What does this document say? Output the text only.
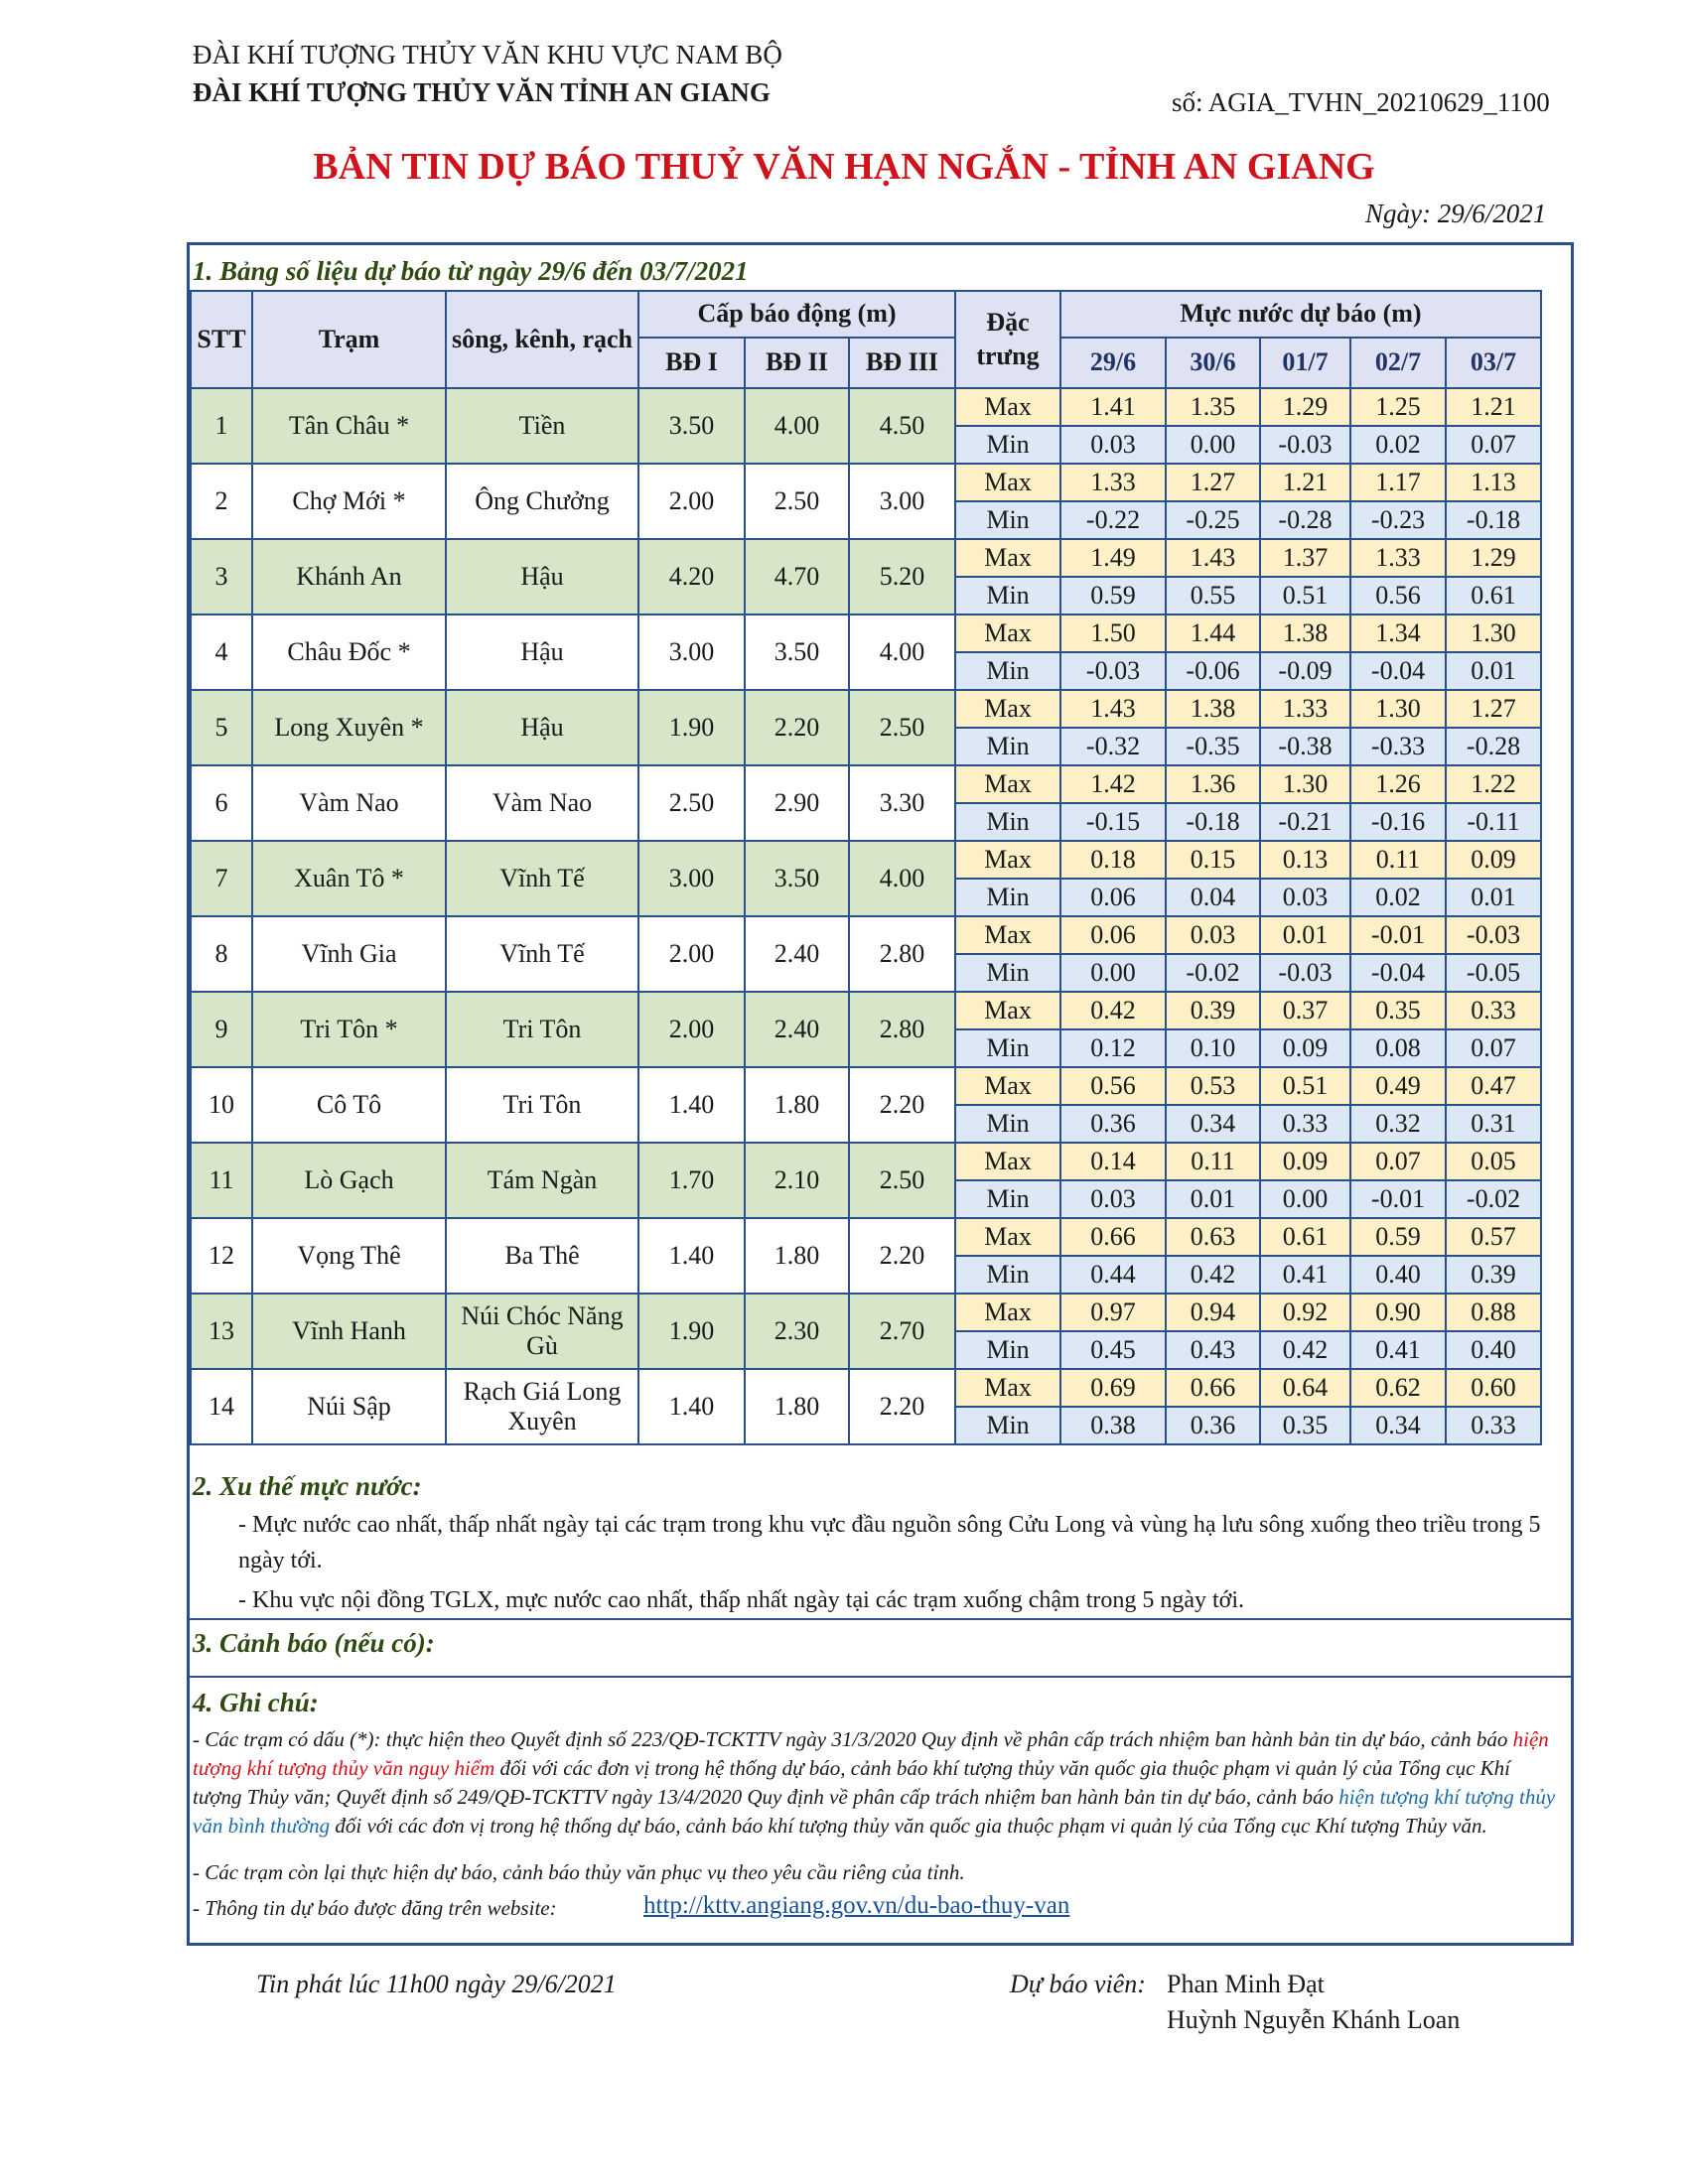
ĐÀI KHÍ TƯỢNG THỦY VĂN KHU VỰC NAM BỘ
ĐÀI KHÍ TƯỢNG THỦY VĂN TỈNH AN GIANG	số: AGIA_TVHN_20210629_1100
BẢN TIN DỰ BÁO THUỶ VĂN HẠN NGẮN - TỈNH AN GIANG
Ngày: 29/6/2021
1. Bảng số liệu dự báo từ ngày 29/6 đến 03/7/2021
STT	Trạm	sông, kênh, rạch	Cấp báo động (m)			Đặc trưng	Mực nước dự báo (m)				
			BĐ I	BĐ II	BĐ III		29/6	30/6	01/7	02/7	03/7
1	Tân Châu *	Tiền	3.50	4.00	4.50	Max	1.41	1.35	1.29	1.25	1.21
						Min	0.03	0.00	-0.03	0.02	0.07
2	Chợ Mới *	Ông Chưởng	2.00	2.50	3.00	Max	1.33	1.27	1.21	1.17	1.13
						Min	-0.22	-0.25	-0.28	-0.23	-0.18
3	Khánh An	Hậu	4.20	4.70	5.20	Max	1.49	1.43	1.37	1.33	1.29
						Min	0.59	0.55	0.51	0.56	0.61
4	Châu Đốc *	Hậu	3.00	3.50	4.00	Max	1.50	1.44	1.38	1.34	1.30
						Min	-0.03	-0.06	-0.09	-0.04	0.01
5	Long Xuyên *	Hậu	1.90	2.20	2.50	Max	1.43	1.38	1.33	1.30	1.27
						Min	-0.32	-0.35	-0.38	-0.33	-0.28
6	Vàm Nao	Vàm Nao	2.50	2.90	3.30	Max	1.42	1.36	1.30	1.26	1.22
						Min	-0.15	-0.18	-0.21	-0.16	-0.11
7	Xuân Tô *	Vĩnh Tế	3.00	3.50	4.00	Max	0.18	0.15	0.13	0.11	0.09
						Min	0.06	0.04	0.03	0.02	0.01
8	Vĩnh Gia	Vĩnh Tế	2.00	2.40	2.80	Max	0.06	0.03	0.01	-0.01	-0.03
						Min	0.00	-0.02	-0.03	-0.04	-0.05
9	Tri Tôn *	Tri Tôn	2.00	2.40	2.80	Max	0.42	0.39	0.37	0.35	0.33
						Min	0.12	0.10	0.09	0.08	0.07
10	Cô Tô	Tri Tôn	1.40	1.80	2.20	Max	0.56	0.53	0.51	0.49	0.47
						Min	0.36	0.34	0.33	0.32	0.31
11	Lò Gạch	Tám Ngàn	1.70	2.10	2.50	Max	0.14	0.11	0.09	0.07	0.05
						Min	0.03	0.01	0.00	-0.01	-0.02
12	Vọng Thê	Ba Thê	1.40	1.80	2.20	Max	0.66	0.63	0.61	0.59	0.57
						Min	0.44	0.42	0.41	0.40	0.39
13	Vĩnh Hanh	Núi Chóc Năng Gù	1.90	2.30	2.70	Max	0.97	0.94	0.92	0.90	0.88
						Min	0.45	0.43	0.42	0.41	0.40
14	Núi Sập	Rạch Giá Long Xuyên	1.40	1.80	2.20	Max	0.69	0.66	0.64	0.62	0.60
						Min	0.38	0.36	0.35	0.34	0.33
2. Xu thế mực nước:
- Mực nước cao nhất, thấp nhất ngày tại các trạm trong khu vực đầu nguồn sông Cửu Long và vùng hạ lưu sông xuống theo triều trong 5 ngày tới.
- Khu vực nội đồng TGLX, mực nước cao nhất, thấp nhất ngày tại các trạm xuống chậm trong 5 ngày tới.
3. Cảnh báo (nếu có):
4. Ghi chú:
- Các trạm có dấu (*): thực hiện theo Quyết định số 223/QĐ-TCKTTV ngày 31/3/2020 Quy định về phân cấp trách nhiệm ban hành bản tin dự báo, cảnh báo hiện tượng khí tượng thủy văn nguy hiểm đối với các đơn vị trong hệ thống dự báo, cảnh báo khí tượng thủy văn quốc gia thuộc phạm vi quản lý của Tổng cục Khí tượng Thủy văn; Quyết định số 249/QĐ-TCKTTV ngày 13/4/2020 Quy định về phân cấp trách nhiệm ban hành bản tin dự báo, cảnh báo hiện tượng khí tượng thủy văn bình thường đối với các đơn vị trong hệ thống dự báo, cảnh báo khí tượng thủy văn quốc gia thuộc phạm vi quản lý của Tổng cục Khí tượng Thủy văn.
- Các trạm còn lại thực hiện dự báo, cảnh báo thủy văn phục vụ theo yêu cầu riêng của tỉnh.
- Thông tin dự báo được đăng trên website:	http://kttv.angiang.gov.vn/du-bao-thuy-van
Tin phát lúc 11h00 ngày 29/6/2021	Dự báo viên: Phan Minh Đạt
Huỳnh Nguyễn Khánh Loan
